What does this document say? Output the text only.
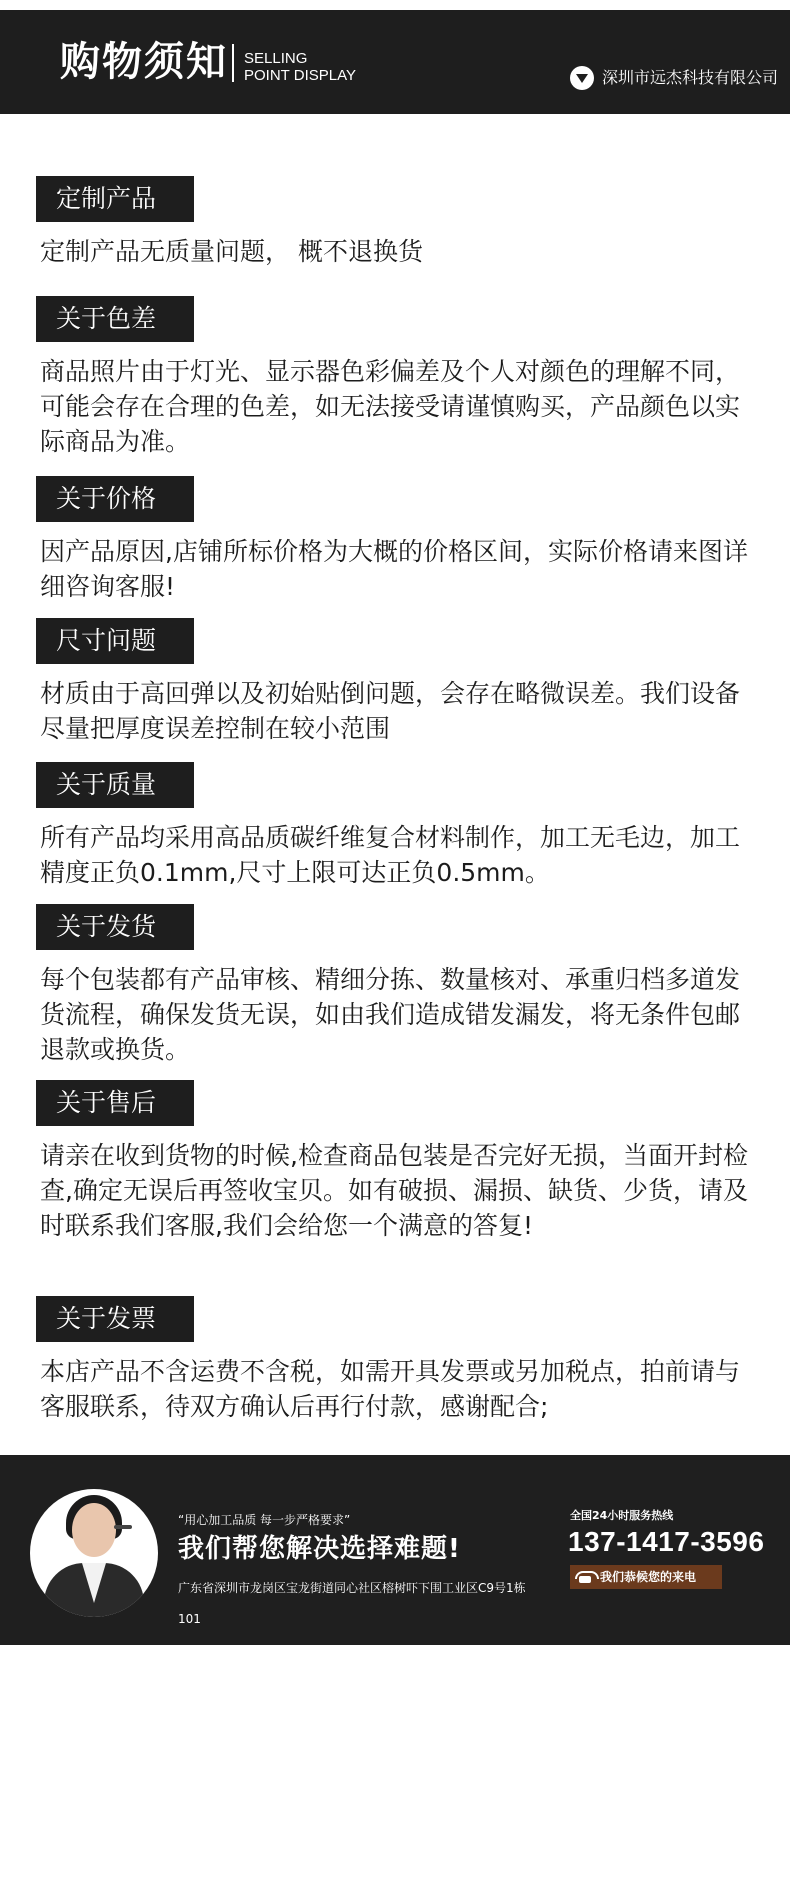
购物须知 SELLING
POINT DISPLAY	深圳市远杰科技有限公司
定制产品
定制产品无质量问题， 概不退换货
关于色差
商品照片由于灯光、显示器色彩偏差及个人对颜色的理解不同，可能会存在合理的色差，如无法接受请谨慎购买，产品颜色以实际商品为准。
关于价格
因产品原因,店铺所标价格为大概的价格区间，实际价格请来图详细咨询客服!
尺寸问题
材质由于高回弹以及初始贴倒问题，会存在略微误差。我们设备尽量把厚度误差控制在较小范围
关于质量
所有产品均采用高品质碳纤维复合材料制作，加工无毛边，加工精度正负0.1mm,尺寸上限可达正负0.5mm。
关于发货
每个包装都有产品审核、精细分拣、数量核对、承重归档多道发货流程，确保发货无误，如由我们造成错发漏发，将无条件包邮退款或换货。
关于售后
请亲在收到货物的时候,检查商品包装是否完好无损，当面开封检查,确定无误后再签收宝贝。如有破损、漏损、缺货、少货，请及时联系我们客服,我们会给您一个满意的答复!
关于发票
本店产品不含运费不含税，如需开具发票或另加税点，拍前请与客服联系，待双方确认后再行付款，感谢配合;
“用心加工品质 每一步严格要求”
我们帮您解决选择难题!
广东省深圳市龙岗区宝龙街道同心社区榕树吓下围工业区C9号1栋101
全国24小时服务热线
137-1417-3596
我们恭候您的来电
